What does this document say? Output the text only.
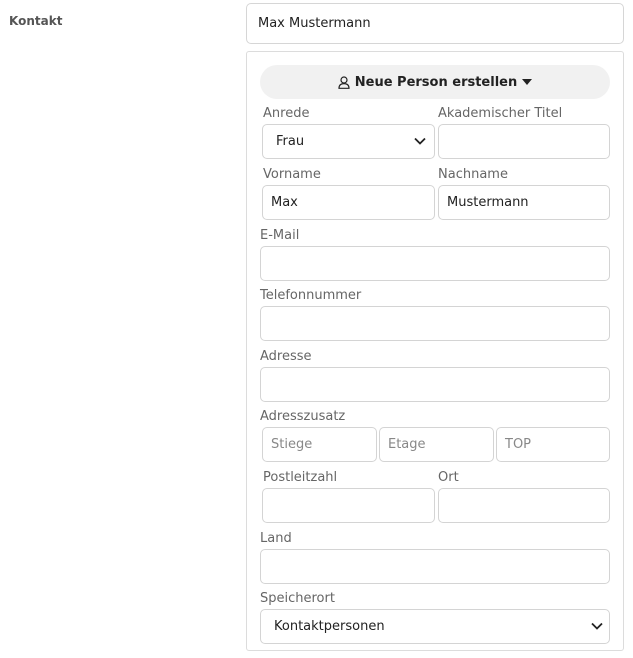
Kontakt	Max Mustermann
Neue Person erstellen
Anrede	Akademischer Titel
Frau
Vorname	Nachname
Max	Mustermann
E-Mail
Telefonnummer
Adresse
Adresszusatz
Stiege	Etage	TOP
Postleitzahl	Ort
Land
Speicherort
Kontaktpersonen
